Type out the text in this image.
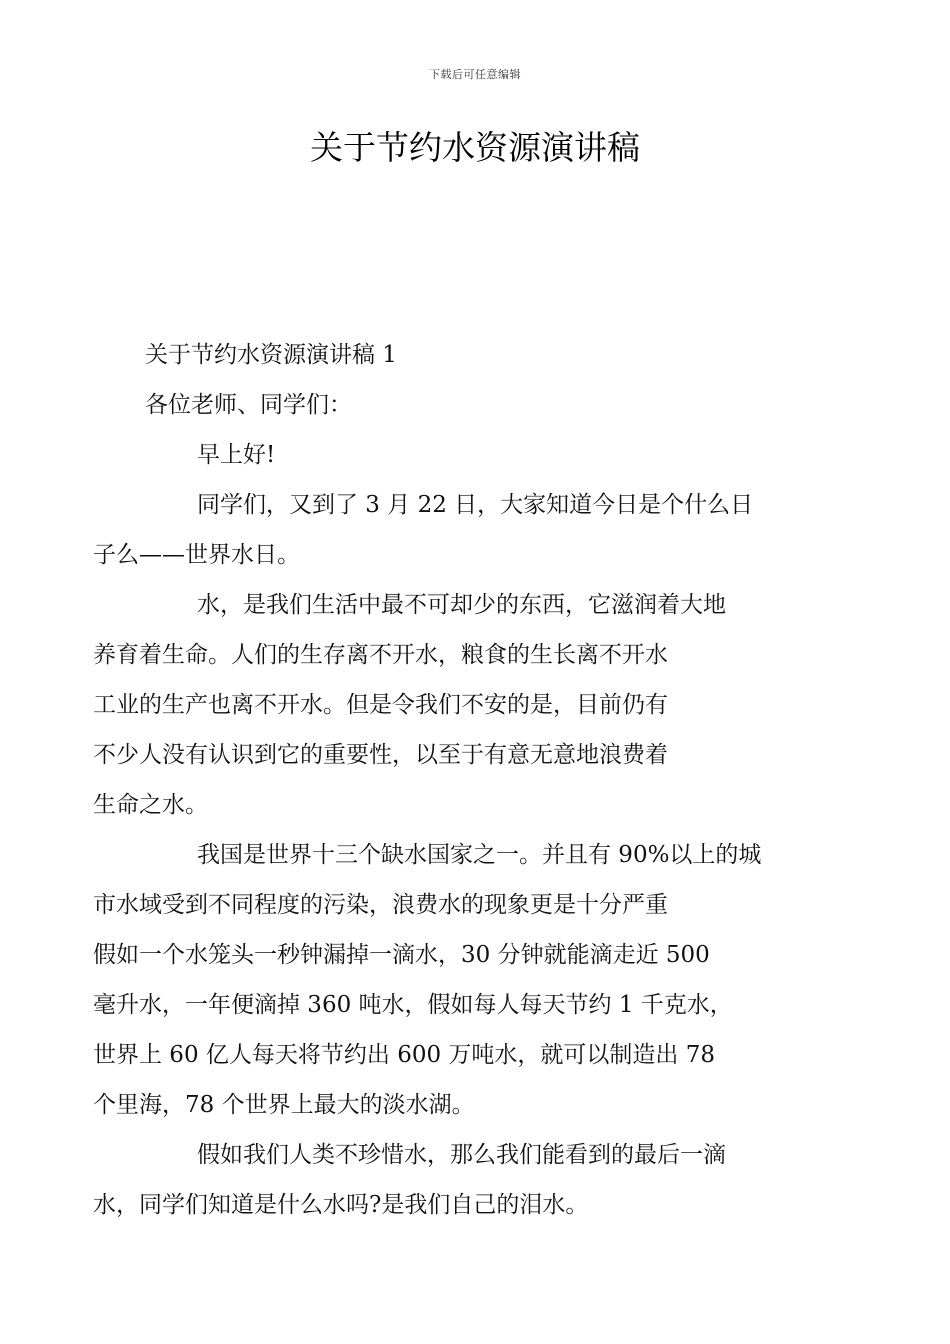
下载后可任意编辑
关于节约水资源演讲稿
关于节约水资源演讲稿 1
各位老师、同学们：
早上好!
同学们，又到了 3 月 22 日，大家知道今日是个什么日
子么——世界水日。
水，是我们生活中最不可却少的东西，它滋润着大地
养育着生命。人们的生存离不开水，粮食的生长离不开水
工业的生产也离不开水。但是令我们不安的是，目前仍有
不少人没有认识到它的重要性，以至于有意无意地浪费着
生命之水。
我国是世界十三个缺水国家之一。并且有 90%以上的城
市水域受到不同程度的污染，浪费水的现象更是十分严重
假如一个水笼头一秒钟漏掉一滴水，30 分钟就能滴走近 500
毫升水，一年便滴掉 360 吨水，假如每人每天节约 1 千克水，
世界上 60 亿人每天将节约出 600 万吨水，就可以制造出 78
个里海，78 个世界上最大的淡水湖。
假如我们人类不珍惜水，那么我们能看到的最后一滴
水，同学们知道是什么水吗?是我们自己的泪水。
